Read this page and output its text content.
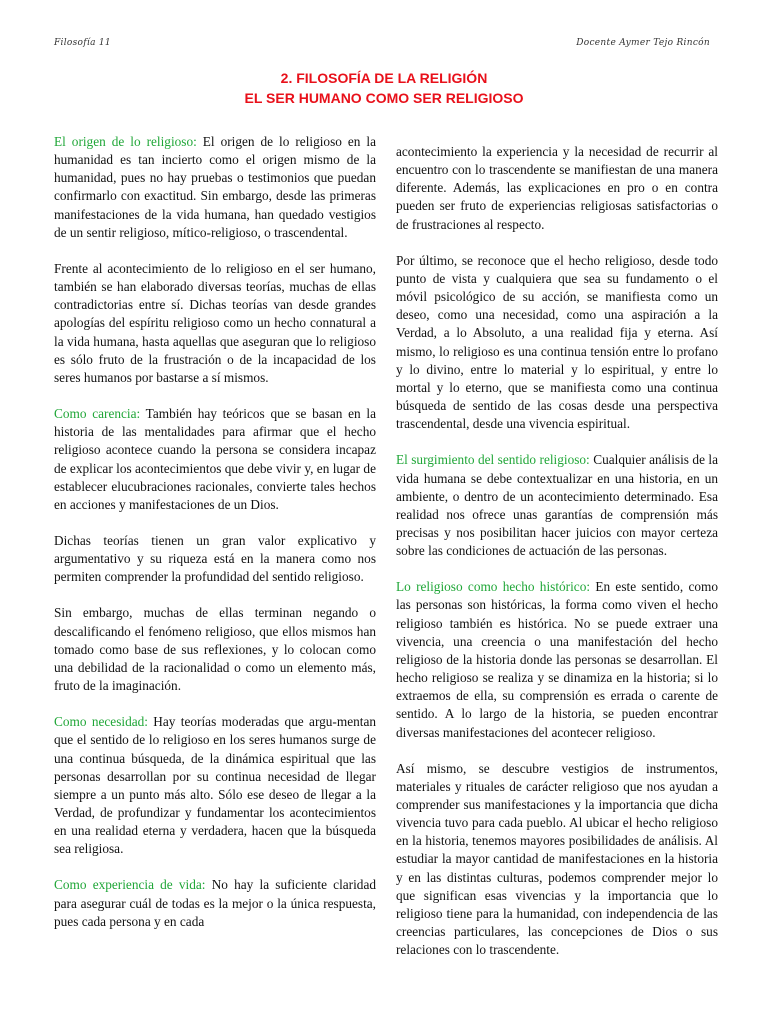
Filosofía 11	Docente Aymer Tejo Rincón
2. FILOSOFÍA DE LA RELIGIÓN
EL SER HUMANO COMO SER RELIGIOSO

El origen de lo religioso: El origen de lo religioso en la humanidad es tan incierto como el origen mismo de la humanidad, pues no hay pruebas o testimonios que puedan confirmarlo con exactitud. Sin embargo, desde las primeras manifestaciones de la vida humana, han quedado vestigios de un sentir religioso, mítico-religioso, o trascendental.

Frente al acontecimiento de lo religioso en el ser humano, también se han elaborado diversas teorías, muchas de ellas contradictorias entre sí. Dichas teorías van desde grandes apologías del espíritu religioso como un hecho connatural a la vida humana, hasta aquellas que aseguran que lo religioso es sólo fruto de la frustración o de la incapacidad de los seres humanos por bastarse a sí mismos.

Como carencia: También hay teóricos que se basan en la historia de las mentalidades para afirmar que el hecho religioso acontece cuando la persona se considera incapaz de explicar los acontecimientos que debe vivir y, en lugar de establecer elucubraciones racionales, convierte tales hechos en acciones y manifestaciones de un Dios.

Dichas teorías tienen un gran valor explicativo y argumentativo y su riqueza está en la manera como nos permiten comprender la profundidad del sentido religioso.

Sin embargo, muchas de ellas terminan negando o descalificando el fenómeno religioso, que ellos mismos han tomado como base de sus reflexiones, y lo colocan como una debilidad de la racionalidad o como un elemento más, fruto de la imaginación.

Como necesidad: Hay teorías moderadas que argu-mentan que el sentido de lo religioso en los seres humanos surge de una continua búsqueda, de la dinámica espiritual que las personas desarrollan por su continua necesidad de llegar siempre a un punto más alto. Sólo ese deseo de llegar a la Verdad, de profundizar y fundamentar los acontecimientos en una realidad eterna y verdadera, hacen que la búsqueda sea religiosa.

Como experiencia de vida: No hay la suficiente claridad para asegurar cuál de todas es la mejor o la única respuesta, pues cada persona y en cada

acontecimiento la experiencia y la necesidad de recurrir al encuentro con lo trascendente se manifiestan de una manera diferente. Además, las explicaciones en pro o en contra pueden ser fruto de experiencias religiosas satisfactorias o de frustraciones al respecto.

Por último, se reconoce que el hecho religioso, desde todo punto de vista y cualquiera que sea su fundamento o el móvil psicológico de su acción, se manifiesta como un deseo, como una necesidad, como una aspiración a la Verdad, a lo Absoluto, a una realidad fija y eterna. Así mismo, lo religioso es una continua tensión entre lo profano y lo divino, entre lo material y lo espiritual, y entre lo mortal y lo eterno, que se manifiesta como una continua búsqueda de sentido de las cosas desde una perspectiva trascendental, desde una vivencia espiritual.

El surgimiento del sentido religioso: Cualquier análisis de la vida humana se debe contextualizar en una historia, en un ambiente, o dentro de un acontecimiento determinado. Esa realidad nos ofrece unas garantías de comprensión más precisas y nos posibilitan hacer juicios con mayor certeza sobre las condiciones de actuación de las personas.

Lo religioso como hecho histórico: En este sentido, como las personas son históricas, la forma como viven el hecho religioso también es histórica. No se puede extraer una vivencia, una creencia o una manifestación del hecho religioso de la historia donde las personas se desarrollan. El hecho religioso se realiza y se dinamiza en la historia; si lo extraemos de ella, su comprensión es errada o carente de sentido. A lo largo de la historia, se pueden encontrar diversas manifestaciones del acontecer religioso.

Así mismo, se descubre vestigios de instrumentos, materiales y rituales de carácter religioso que nos ayudan a comprender sus manifestaciones y la importancia que dicha vivencia tuvo para cada pueblo. Al ubicar el hecho religioso en la historia, tenemos mayores posibilidades de análisis. Al estudiar la mayor cantidad de manifestaciones en la historia y en las distintas culturas, podemos comprender mejor lo que significan esas vivencias y la importancia que lo religioso tiene para la humanidad, con independencia de las creencias particulares, las concepciones de Dios o sus relaciones con lo trascendente.
